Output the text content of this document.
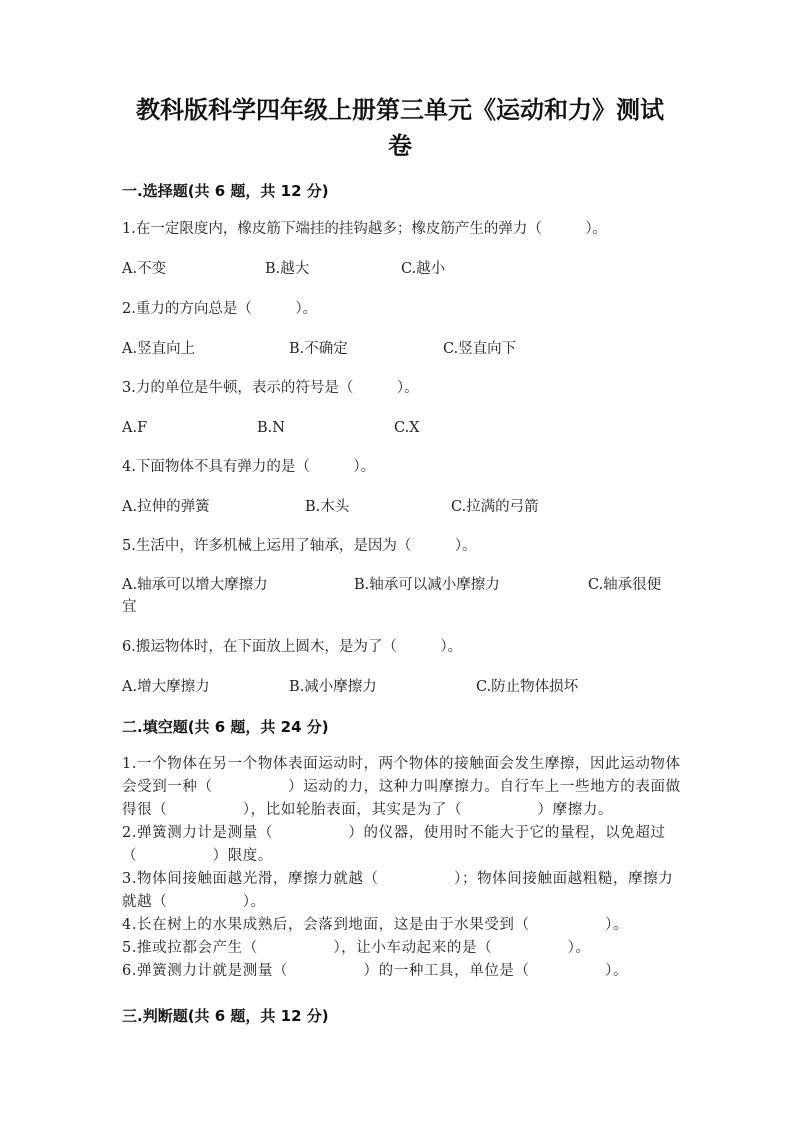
教科版科学四年级上册第三单元《运动和力》测试
卷
一.选择题(共 6 题，共 12 分)
1.在一定限度内，橡皮筋下端挂的挂钩越多；橡皮筋产生的弹力（　　　）。
A.不变	B.越大	C.越小
2.重力的方向总是（　　　）。
A.竖直向上	B.不确定	C.竖直向下
3.力的单位是牛顿，表示的符号是（　　　）。
A.F	B.N	C.X
4.下面物体不具有弹力的是（　　　）。
A.拉伸的弹簧	B.木头	C.拉满的弓箭
5.生活中，许多机械上运用了轴承，是因为（　　　）。
A.轴承可以增大摩擦力	B.轴承可以减小摩擦力	C.轴承很便
宜
6.搬运物体时，在下面放上圆木，是为了（　　　）。
A.增大摩擦力	B.减小摩擦力	C.防止物体损坏
二.填空题(共 6 题，共 24 分)

1.一个物体在另一个物体表面运动时，两个物体的接触面会发生摩擦，因此运动物体会受到一种（　　　　　）运动的力，这种力叫摩擦力。自行车上一些地方的表面做得很（　　　　　），比如轮胎表面，其实是为了（　　　　　）摩擦力。

2.弹簧测力计是测量（　　　　　）的仪器，使用时不能大于它的量程，以免超过（　　　　　）限度。

3.物体间接触面越光滑，摩擦力就越（　　　　　）；物体间接触面越粗糙，摩擦力就越（　　　　　）。

4.长在树上的水果成熟后，会落到地面，这是由于水果受到（　　　　　）。

5.推或拉都会产生（　　　　　），让小车动起来的是（　　　　　）。

6.弹簧测力计就是测量（　　　　　）的一种工具，单位是（　　　　　）。

三.判断题(共 6 题，共 12 分)
